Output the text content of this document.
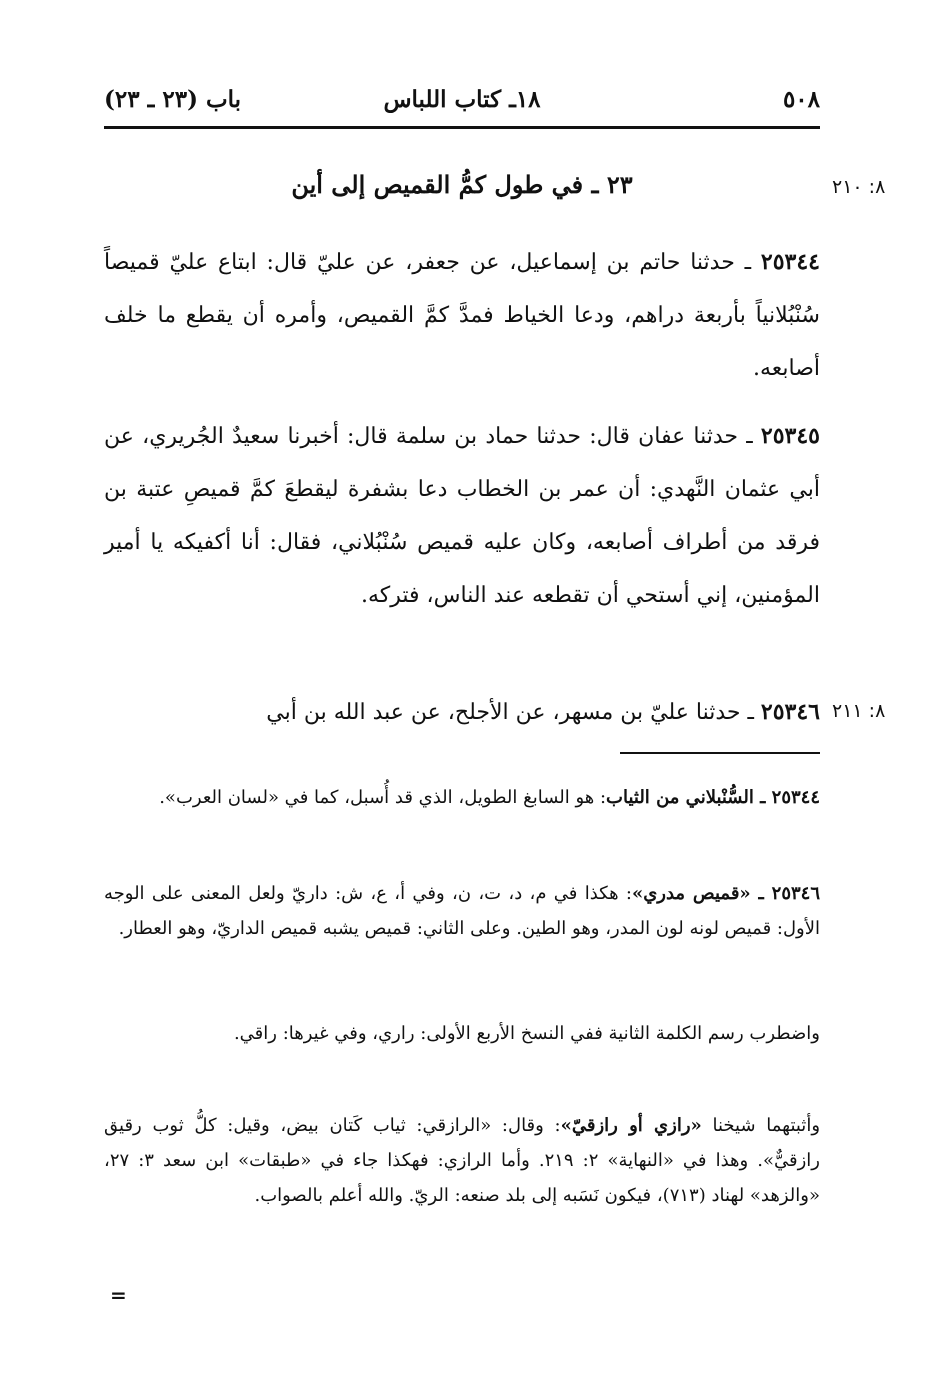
٥٠٨
١٨ـ كتاب اللباس
باب (٢٣ ـ ٢٣)
٢٣ ـ في طول كمُّ القميص إلى أين	٨: ٢١٠
٨: ٢١١
٢٥٣٤٤ ـ حدثنا حاتم بن إسماعيل، عن جعفر، عن عليّ قال: ابتاع عليّ قميصاً سُنْبُلانياً بأربعة دراهم، ودعا الخياط فمدَّ كمَّ القميص، وأمره أن يقطع ما خلف أصابعه.
٢٥٣٤٥ ـ حدثنا عفان قال: حدثنا حماد بن سلمة قال: أخبرنا سعيدٌ الجُريري، عن أبي عثمان النَّهدي: أن عمر بن الخطاب دعا بشفرة ليقطعَ كمَّ قميصِ عتبة بن فرقد من أطراف أصابعه، وكان عليه قميص سُنْبُلاني، فقال: أنا أكفيكه يا أمير المؤمنين، إني أستحي أن تقطعه عند الناس، فتركه.
٢٥٣٤٦ ـ حدثنا عليّ بن مسهر، عن الأجلح، عن عبد الله بن أبي
٢٥٣٤٤ ـ السُّنْبلاني من الثياب: هو السابغ الطويل، الذي قد أُسبل، كما في «لسان العرب».
٢٥٣٤٦ ـ «قميص مدري»: هكذا في م، د، ت، ن، وفي أ، ع، ش: داريّ ولعل المعنى على الوجه الأول: قميص لونه لون المدر، وهو الطين. وعلى الثاني: قميص يشبه قميص الداريّ، وهو العطار.
واضطرب رسم الكلمة الثانية ففي النسخ الأربع الأولى: راري، وفي غيرها: راقي.
وأثبتهما شيخنا «رازي أو رازقيّ»: وقال: «الرازقي: ثياب كَتان بيض، وقيل: كلُّ ثوب رقيق رازقيٌّ». وهذا في «النهاية» ٢: ٢١٩. وأما الرازي: فهكذا جاء في «طبقات» ابن سعد ٣: ٢٧، «والزهد» لهناد (٧١٣)، فيكون نَسَبه إلى بلد صنعه: الريّ. والله أعلم بالصواب.
=
